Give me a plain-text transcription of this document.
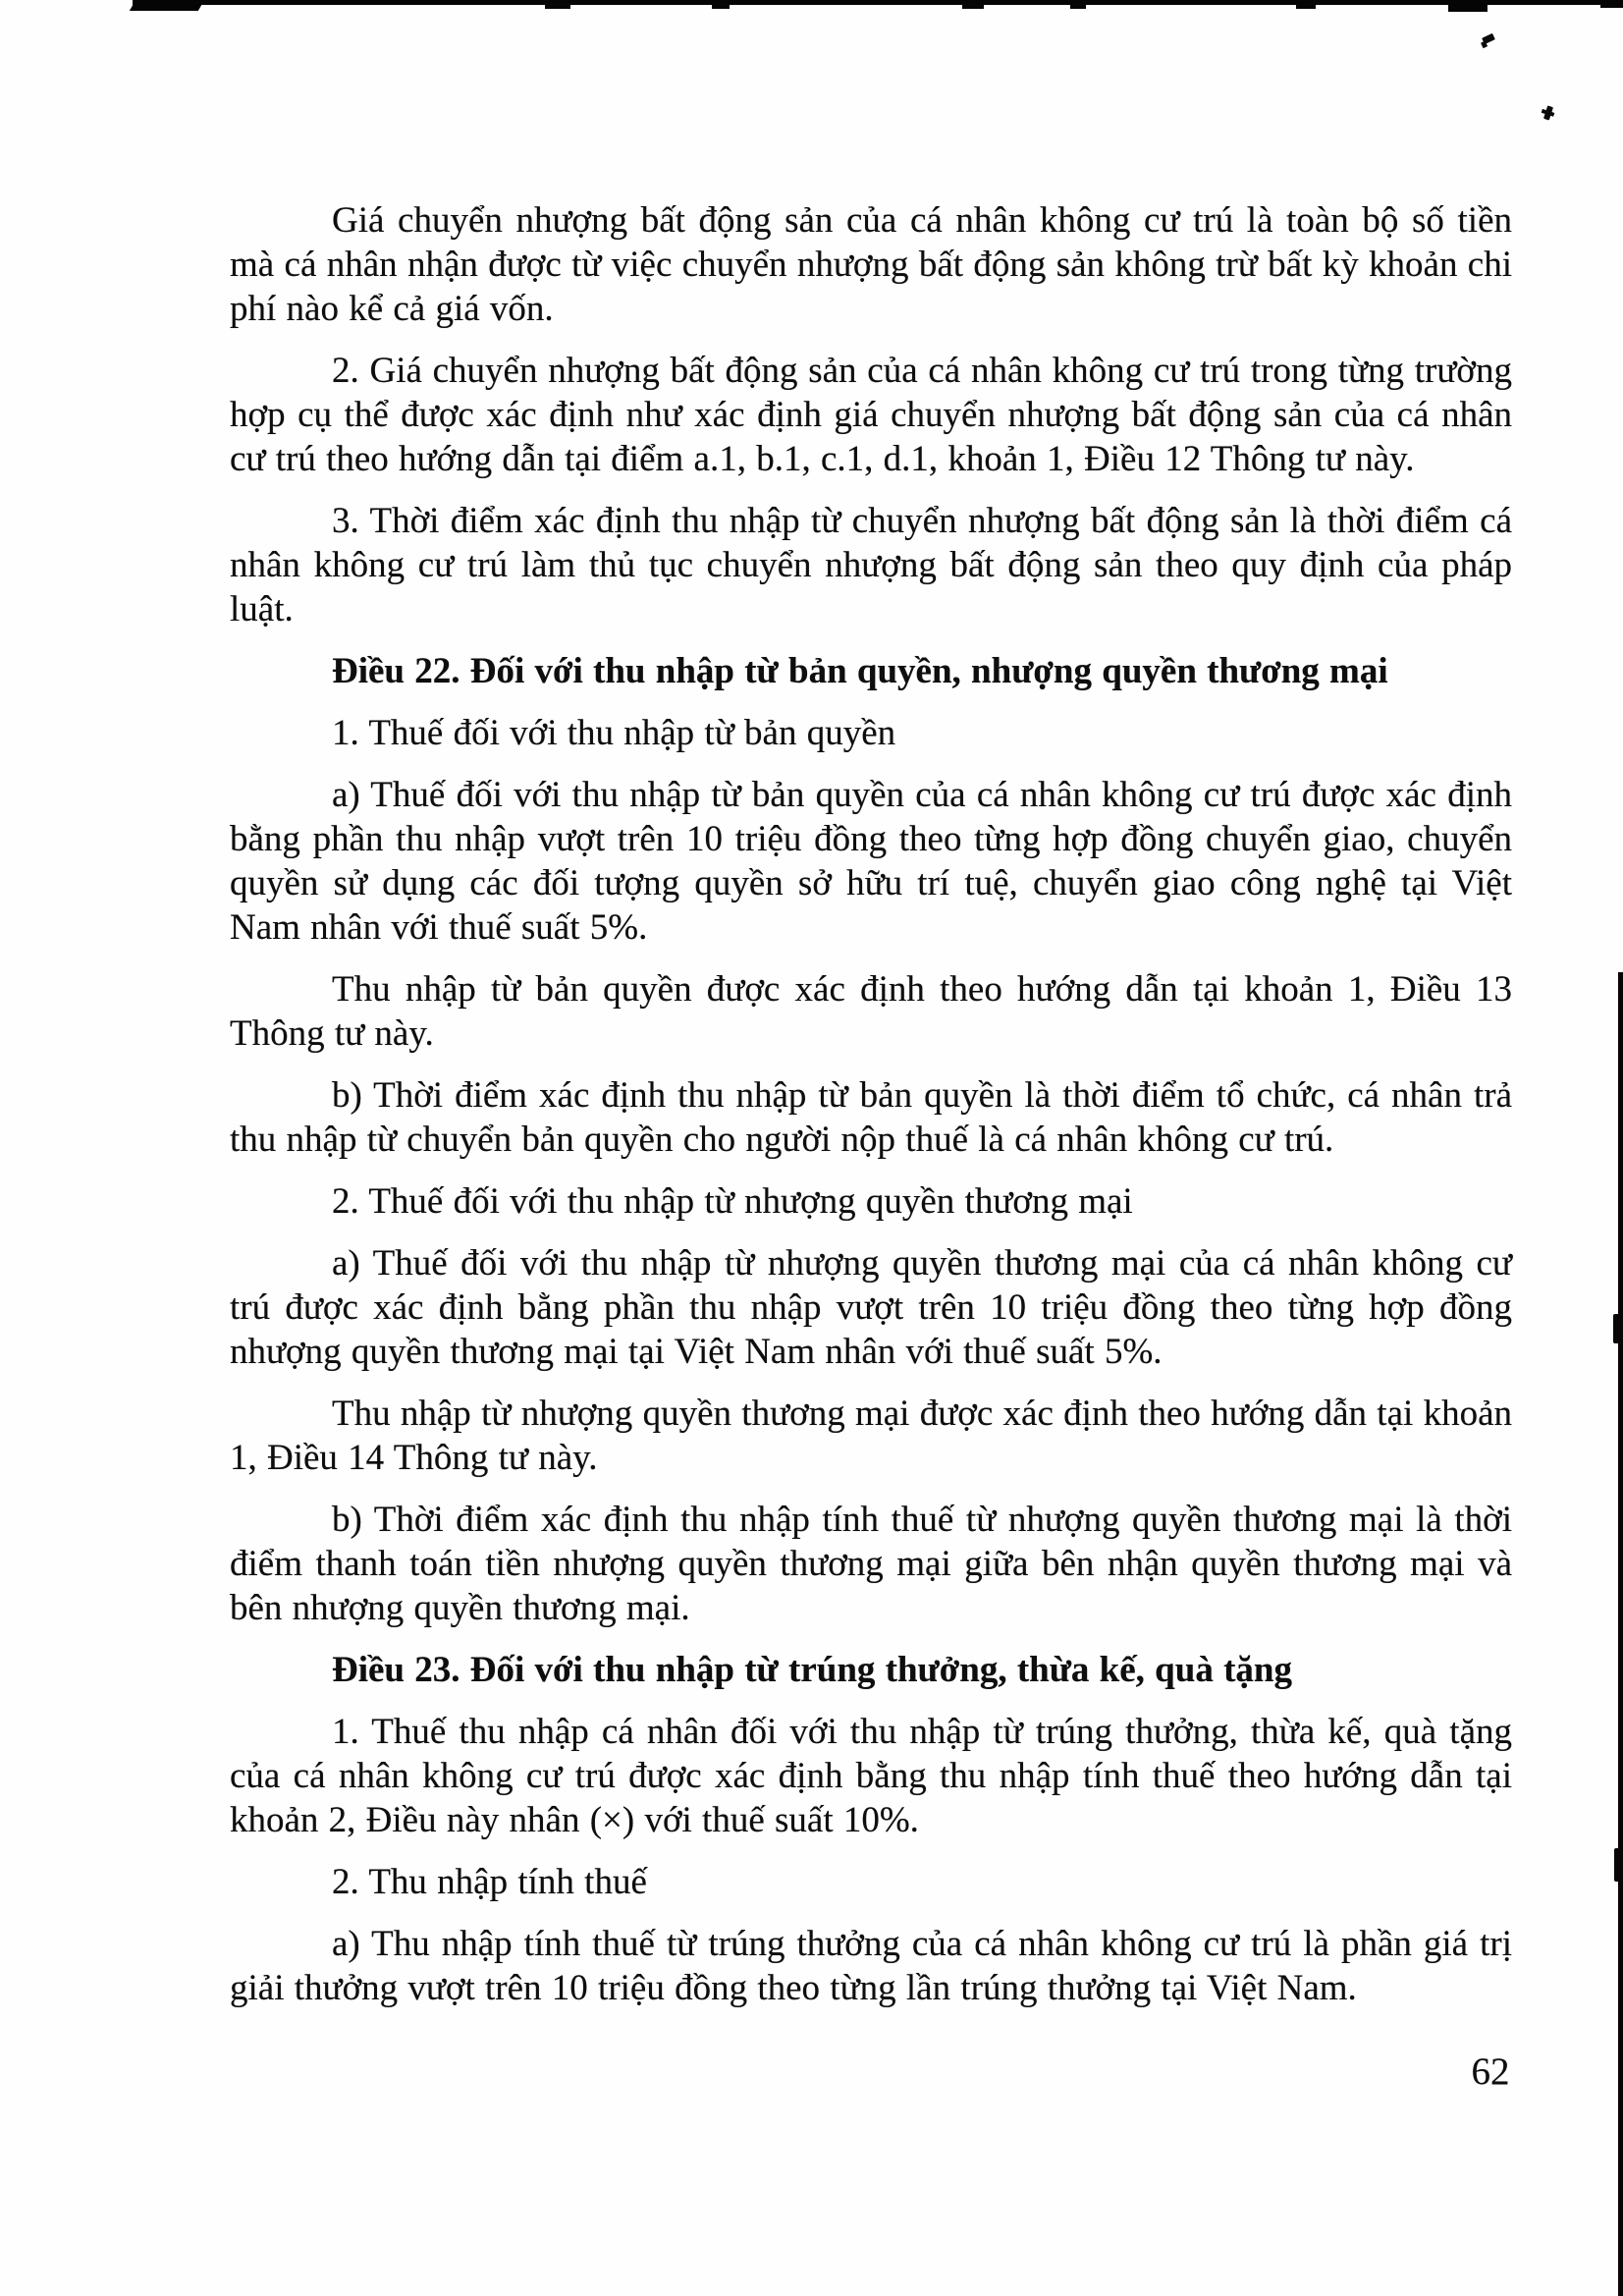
Giá chuyển nhượng bất động sản của cá nhân không cư trú là toàn bộ số tiền mà cá nhân nhận được từ việc chuyển nhượng bất động sản không trừ bất kỳ khoản chi phí nào kể cả giá vốn.

2. Giá chuyển nhượng bất động sản của cá nhân không cư trú trong từng trường hợp cụ thể được xác định như xác định giá chuyển nhượng bất động sản của cá nhân cư trú theo hướng dẫn tại điểm a.1, b.1, c.1, d.1, khoản 1, Điều 12 Thông tư này.

3. Thời điểm xác định thu nhập từ chuyển nhượng bất động sản là thời điểm cá nhân không cư trú làm thủ tục chuyển nhượng bất động sản theo quy định của pháp luật.

Điều 22. Đối với thu nhập từ bản quyền, nhượng quyền thương mại

1. Thuế đối với thu nhập từ bản quyền

a) Thuế đối với thu nhập từ bản quyền của cá nhân không cư trú được xác định bằng phần thu nhập vượt trên 10 triệu đồng theo từng hợp đồng chuyển giao, chuyển quyền sử dụng các đối tượng quyền sở hữu trí tuệ, chuyển giao công nghệ tại Việt Nam nhân với thuế suất 5%.

Thu nhập từ bản quyền được xác định theo hướng dẫn tại khoản 1, Điều 13 Thông tư này.

b) Thời điểm xác định thu nhập từ bản quyền là thời điểm tổ chức, cá nhân trả thu nhập từ chuyển bản quyền cho người nộp thuế là cá nhân không cư trú.

2. Thuế đối với thu nhập từ nhượng quyền thương mại

a) Thuế đối với thu nhập từ nhượng quyền thương mại của cá nhân không cư trú được xác định bằng phần thu nhập vượt trên 10 triệu đồng theo từng hợp đồng nhượng quyền thương mại tại Việt Nam nhân với thuế suất 5%.

Thu nhập từ nhượng quyền thương mại được xác định theo hướng dẫn tại khoản 1, Điều 14 Thông tư này.

b) Thời điểm xác định thu nhập tính thuế từ nhượng quyền thương mại là thời điểm thanh toán tiền nhượng quyền thương mại giữa bên nhận quyền thương mại và bên nhượng quyền thương mại.

Điều 23. Đối với thu nhập từ trúng thưởng, thừa kế, quà tặng

1. Thuế thu nhập cá nhân đối với thu nhập từ trúng thưởng, thừa kế, quà tặng của cá nhân không cư trú được xác định bằng thu nhập tính thuế theo hướng dẫn tại khoản 2, Điều này nhân (×) với thuế suất 10%.

2. Thu nhập tính thuế

a) Thu nhập tính thuế từ trúng thưởng của cá nhân không cư trú là phần giá trị giải thưởng vượt trên 10 triệu đồng theo từng lần trúng thưởng tại Việt Nam.

62
